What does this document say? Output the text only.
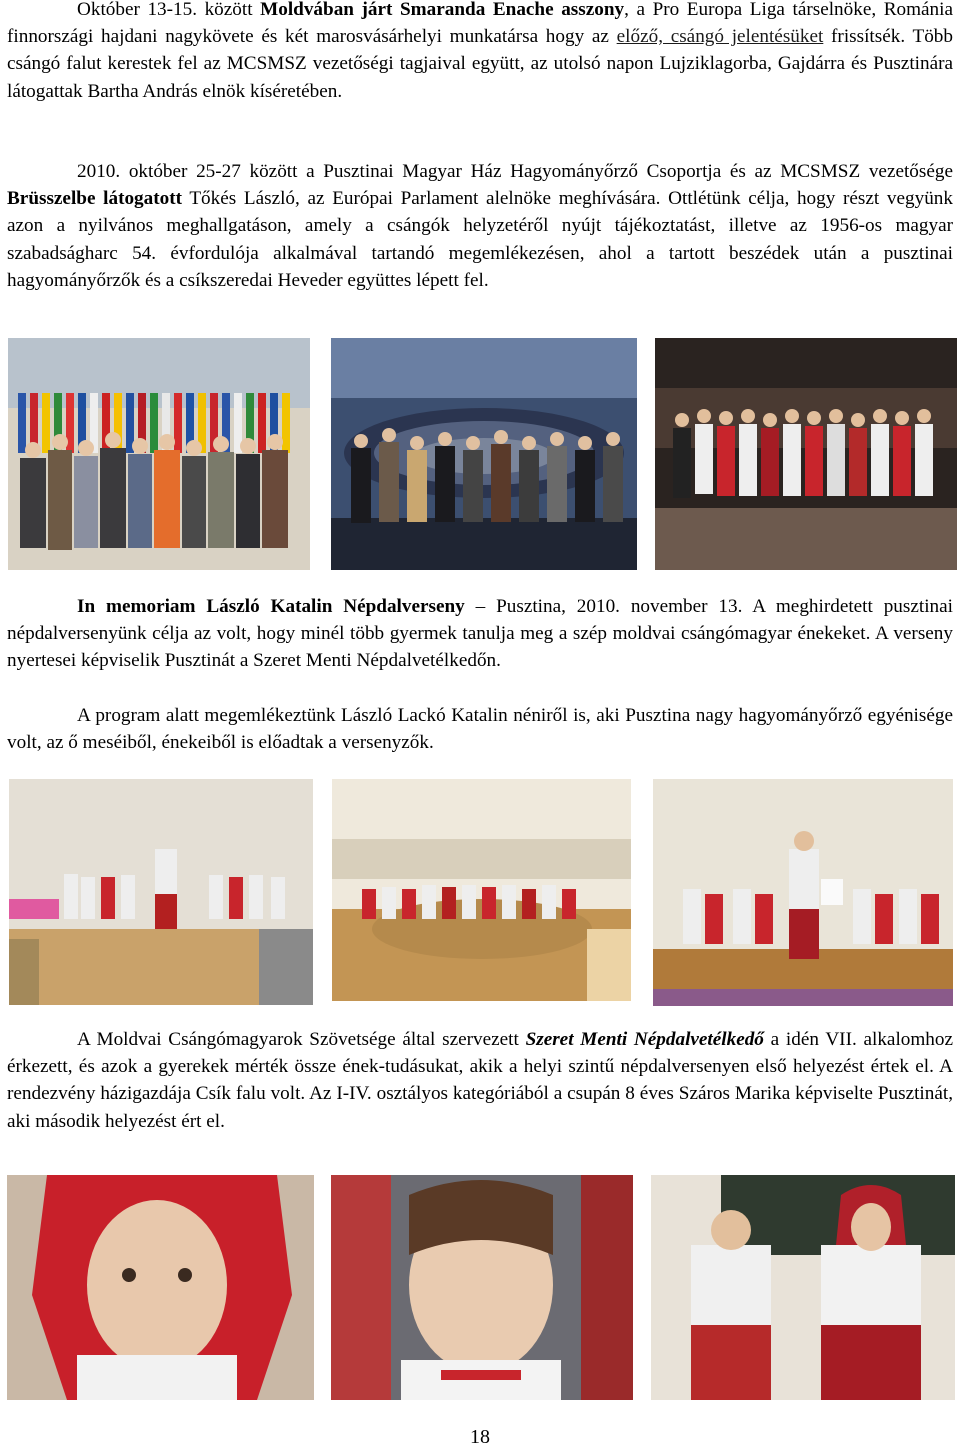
Október 13-15. között Moldvában járt Smaranda Enache asszony, a Pro Europa Liga társelnöke, Románia finnországi hajdani nagykövete és két marosvásárhelyi munkatársa hogy az előző, csángó jelentésüket frissítsék. Több csángó falut kerestek fel az MCSMSZ vezetőségi tagjaival együtt, az utolsó napon Lujziklagorba, Gajdárra és Pusztinára látogattak Bartha András elnök kíséretében.

2010. október 25-27 között a Pusztinai Magyar Ház Hagyományőrző Csoportja és az MCSMSZ vezetősége Brüsszelbe látogatott Tőkés László, az Európai Parlament alelnöke meghívására. Ottlétünk célja, hogy részt vegyünk azon a nyilvános meghallgatáson, amely a csángók helyzetéről nyújt tájékoztatást, illetve az 1956-os magyar szabadságharc 54. évfordulója alkalmával tartandó megemlékezésen, ahol a tartott beszédek után a pusztinai hagyományőrzők és a csíkszeredai Heveder együttes lépett fel.

In memoriam László Katalin Népdalverseny – Pusztina, 2010. november 13. A meghirdetett pusztinai népdalversenyünk célja az volt, hogy minél több gyermek tanulja meg a szép moldvai csángómagyar énekeket. A verseny nyertesei képviselik Pusztinát a Szeret Menti Népdalvetélkedőn.

A program alatt megemlékeztünk László Lackó Katalin néniről is, aki Pusztina nagy hagyományőrző egyénisége volt, az ő meséiből, énekeiből is előadtak a versenyzők.

A Moldvai Csángómagyarok Szövetsége által szervezett Szeret Menti Népdalvetélkedő a idén VII. alkalomhoz érkezett, és azok a gyerekek mérték össze ének-tudásukat, akik a helyi szintű népdalversenyen első helyezést értek el. A rendezvény házigazdája Csík falu volt. Az I-IV. osztályos kategóriából a csupán 8 éves Száros Marika képviselte Pusztinát, aki második helyezést ért el.

18
